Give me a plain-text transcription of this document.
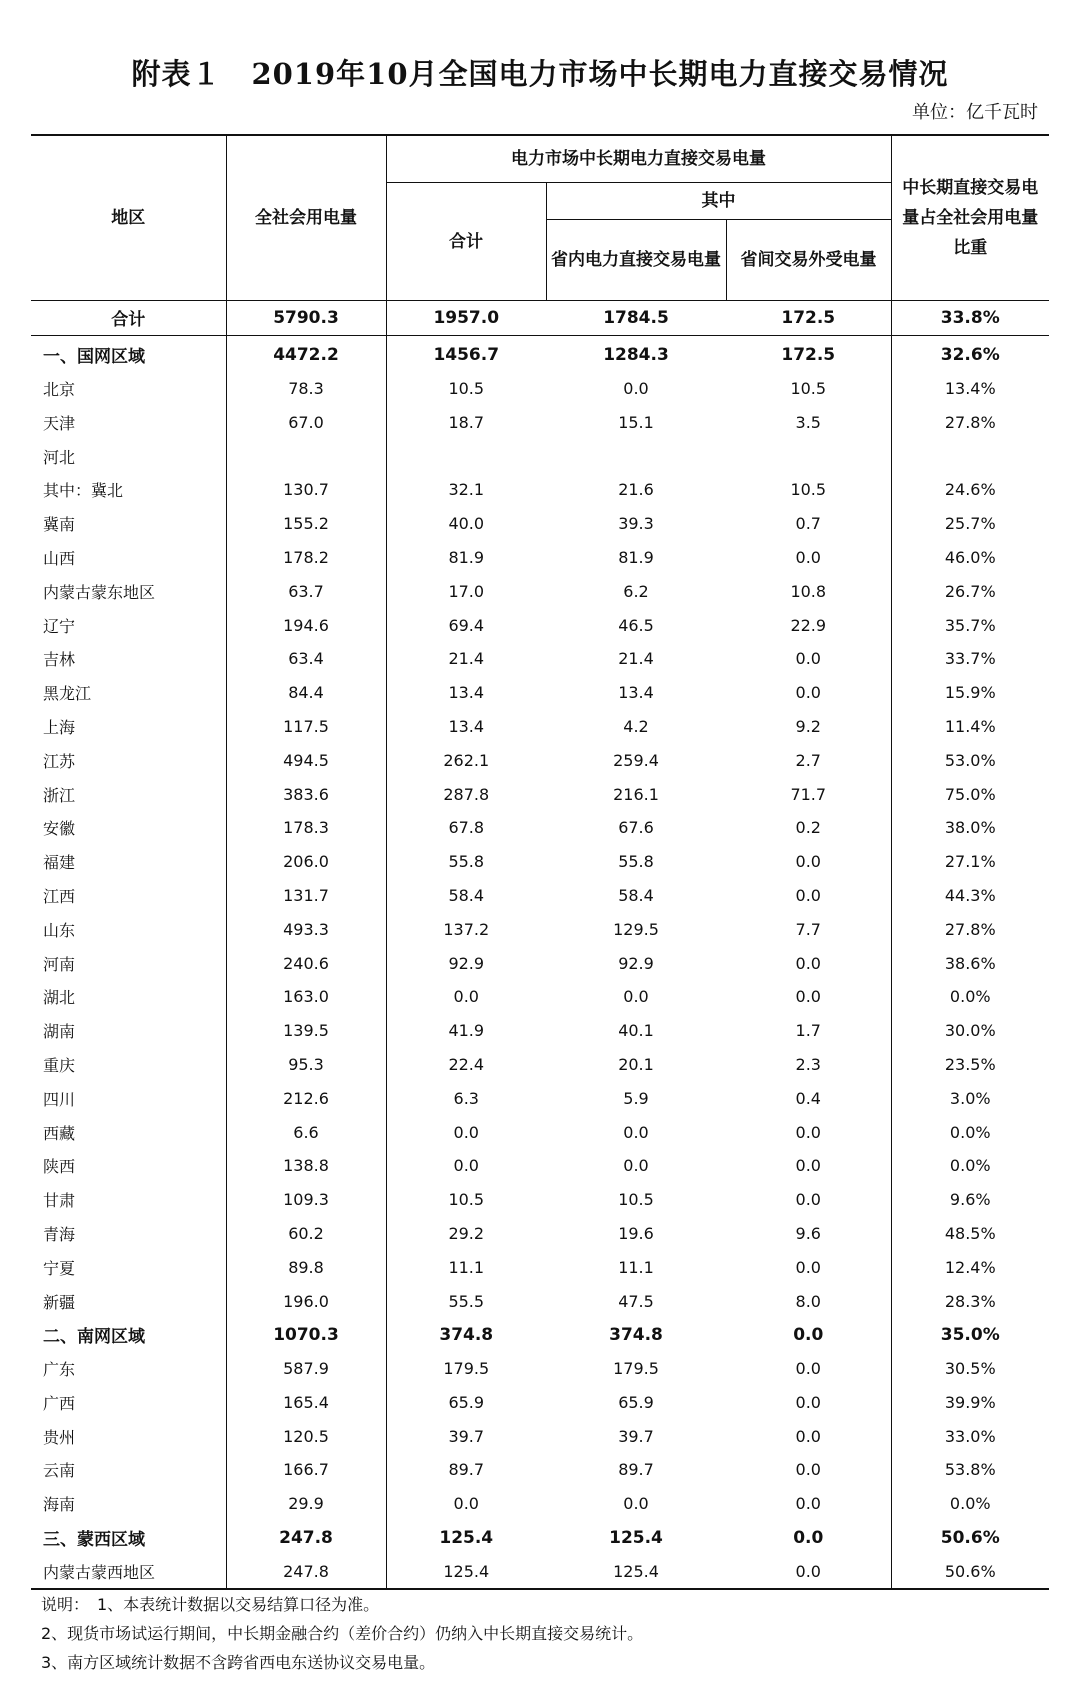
附表１　2019年10月全国电力市场中长期电力直接交易情况
单位：亿千瓦时
地区	全社会用电量	电力市场中长期电力直接交易电量			中长期直接交易电量占全社会用电量比重
		合计	其中		
			省内电力直接交易电量	省间交易外受电量	
合计	5790.3	1957.0	1784.5	172.5	33.8%
一、国网区域	4472.2	1456.7	1284.3	172.5	32.6%
北京	78.3	10.5	0.0	10.5	13.4%
天津	67.0	18.7	15.1	3.5	27.8%
河北					
其中：冀北	130.7	32.1	21.6	10.5	24.6%
冀南	155.2	40.0	39.3	0.7	25.7%
山西	178.2	81.9	81.9	0.0	46.0%
内蒙古蒙东地区	63.7	17.0	6.2	10.8	26.7%
辽宁	194.6	69.4	46.5	22.9	35.7%
吉林	63.4	21.4	21.4	0.0	33.7%
黑龙江	84.4	13.4	13.4	0.0	15.9%
上海	117.5	13.4	4.2	9.2	11.4%
江苏	494.5	262.1	259.4	2.7	53.0%
浙江	383.6	287.8	216.1	71.7	75.0%
安徽	178.3	67.8	67.6	0.2	38.0%
福建	206.0	55.8	55.8	0.0	27.1%
江西	131.7	58.4	58.4	0.0	44.3%
山东	493.3	137.2	129.5	7.7	27.8%
河南	240.6	92.9	92.9	0.0	38.6%
湖北	163.0	0.0	0.0	0.0	0.0%
湖南	139.5	41.9	40.1	1.7	30.0%
重庆	95.3	22.4	20.1	2.3	23.5%
四川	212.6	6.3	5.9	0.4	3.0%
西藏	6.6	0.0	0.0	0.0	0.0%
陕西	138.8	0.0	0.0	0.0	0.0%
甘肃	109.3	10.5	10.5	0.0	9.6%
青海	60.2	29.2	19.6	9.6	48.5%
宁夏	89.8	11.1	11.1	0.0	12.4%
新疆	196.0	55.5	47.5	8.0	28.3%
二、南网区域	1070.3	374.8	374.8	0.0	35.0%
广东	587.9	179.5	179.5	0.0	30.5%
广西	165.4	65.9	65.9	0.0	39.9%
贵州	120.5	39.7	39.7	0.0	33.0%
云南	166.7	89.7	89.7	0.0	53.8%
海南	29.9	0.0	0.0	0.0	0.0%
三、蒙西区域	247.8	125.4	125.4	0.0	50.6%
内蒙古蒙西地区	247.8	125.4	125.4	0.0	50.6%
说明：　1、本表统计数据以交易结算口径为准。
2、现货市场试运行期间，中长期金融合约（差价合约）仍纳入中长期直接交易统计。
3、南方区域统计数据不含跨省西电东送协议交易电量。
